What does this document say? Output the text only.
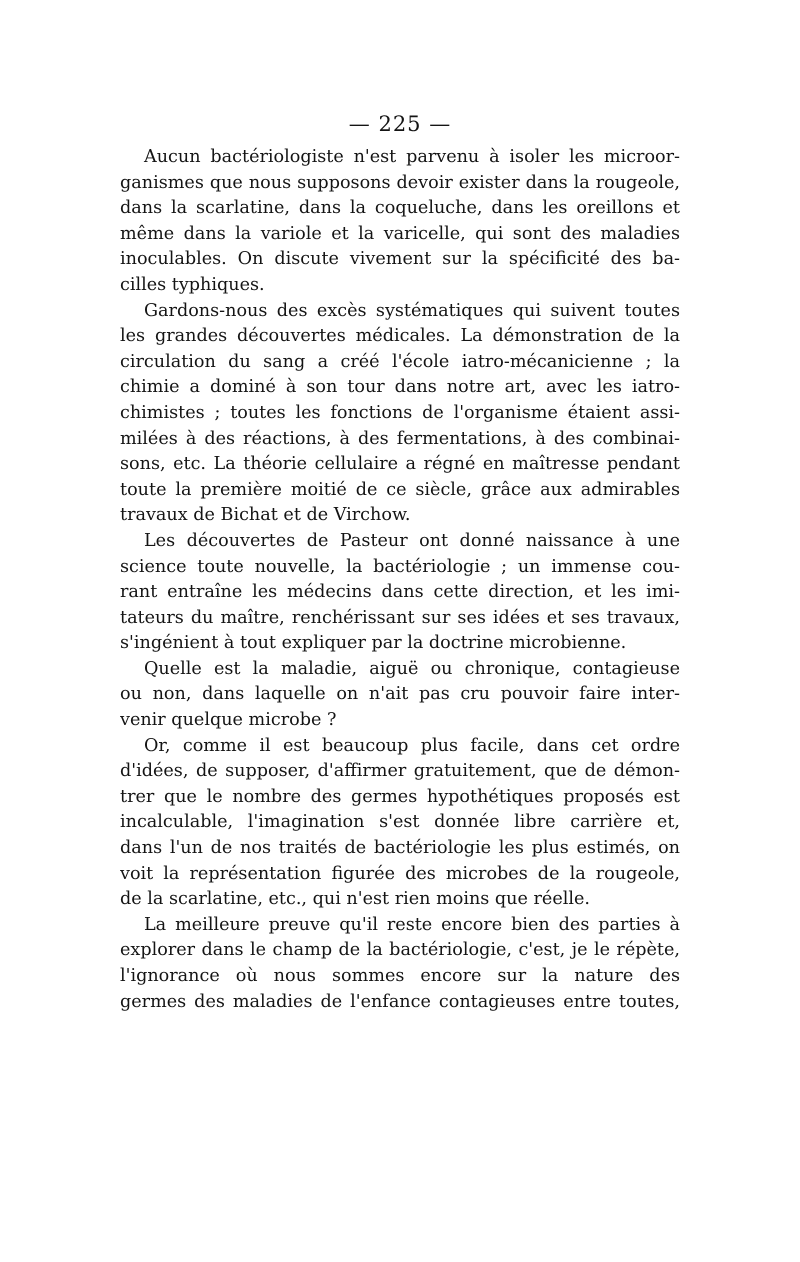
— 225 —
Aucun bactériologiste n'est parvenu à isoler les microor-
ganismes que nous supposons devoir exister dans la rougeole,
dans la scarlatine, dans la coqueluche, dans les oreillons et
même dans la variole et la varicelle, qui sont des maladies
inoculables. On discute vivement sur la spécificité des ba-
cilles typhiques.
Gardons-nous des excès systématiques qui suivent toutes
les grandes découvertes médicales. La démonstration de la
circulation du sang a créé l'école iatro-mécanicienne ; la
chimie a dominé à son tour dans notre art, avec les iatro-
chimistes ; toutes les fonctions de l'organisme étaient assi-
milées à des réactions, à des fermentations, à des combinai-
sons, etc. La théorie cellulaire a régné en maîtresse pendant
toute la première moitié de ce siècle, grâce aux admirables
travaux de Bichat et de Virchow.
Les découvertes de Pasteur ont donné naissance à une
science toute nouvelle, la bactériologie ; un immense cou-
rant entraîne les médecins dans cette direction, et les imi-
tateurs du maître, renchérissant sur ses idées et ses travaux,
s'ingénient à tout expliquer par la doctrine microbienne.
Quelle est la maladie, aiguë ou chronique, contagieuse
ou non, dans laquelle on n'ait pas cru pouvoir faire inter-
venir quelque microbe ?
Or, comme il est beaucoup plus facile, dans cet ordre
d'idées, de supposer, d'affirmer gratuitement, que de démon-
trer que le nombre des germes hypothétiques proposés est
incalculable, l'imagination s'est donnée libre carrière et,
dans l'un de nos traités de bactériologie les plus estimés, on
voit la représentation figurée des microbes de la rougeole,
de la scarlatine, etc., qui n'est rien moins que réelle.
La meilleure preuve qu'il reste encore bien des parties à
explorer dans le champ de la bactériologie, c'est, je le répète,
l'ignorance où nous sommes encore sur la nature des
germes des maladies de l'enfance contagieuses entre toutes,
